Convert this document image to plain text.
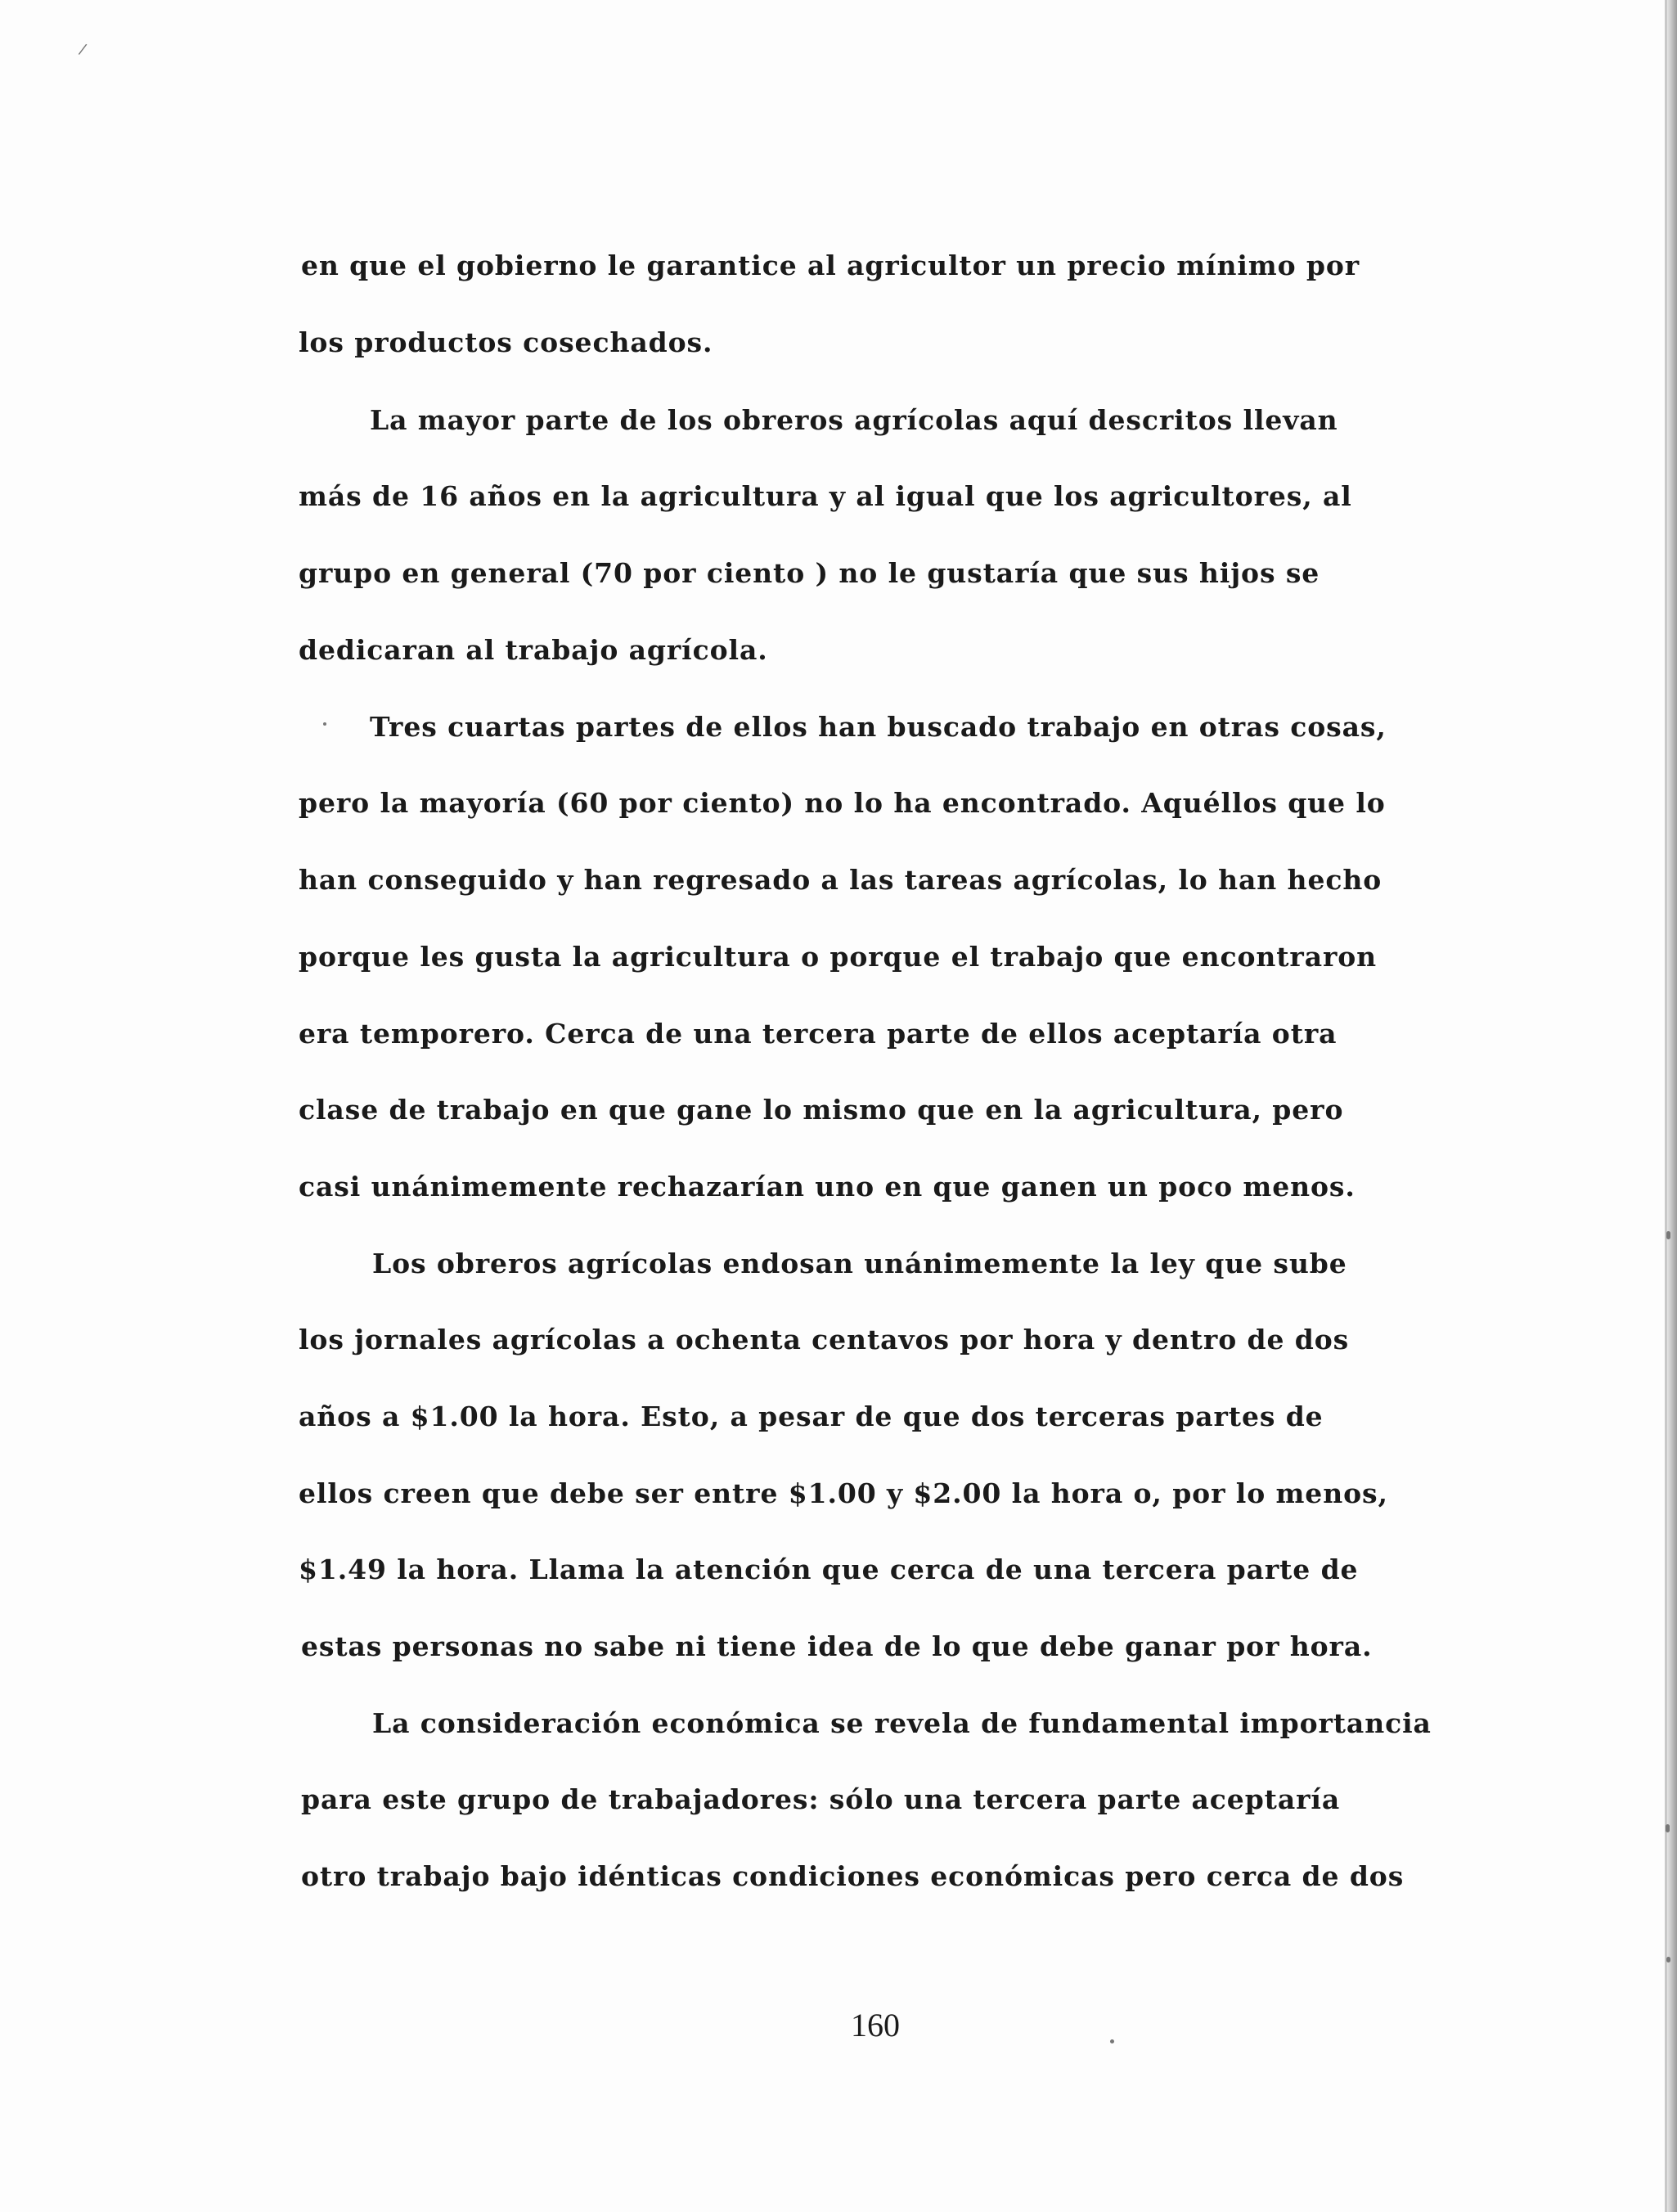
/

en que el gobierno le garantice al agricultor un precio mínimo por

los productos cosechados.

La mayor parte de los obreros agrícolas aquí descritos llevan

más de 16 años en la agricultura y al igual que los agricultores, al

grupo en general (70 por ciento ) no le gustaría que sus hijos se

dedicaran al trabajo agrícola.

Tres cuartas partes de ellos han buscado trabajo en otras cosas,

pero la mayoría (60 por ciento) no lo ha encontrado. Aquéllos que lo

han conseguido y han regresado a las tareas agrícolas, lo han hecho

porque les gusta la agricultura o porque el trabajo que encontraron

era temporero. Cerca de una tercera parte de ellos aceptaría otra

clase de trabajo en que gane lo mismo que en la agricultura, pero

casi unánimemente rechazarían uno en que ganen un poco menos.

Los obreros agrícolas endosan unánimemente la ley que sube

los jornales agrícolas a ochenta centavos por hora y dentro de dos

años a $1.00 la hora. Esto, a pesar de que dos terceras partes de

ellos creen que debe ser entre $1.00 y $2.00 la hora o, por lo menos,

$1.49 la hora. Llama la atención que cerca de una tercera parte de

estas personas no sabe ni tiene idea de lo que debe ganar por hora.

La consideración económica se revela de fundamental importancia

para este grupo de trabajadores: sólo una tercera parte aceptaría

otro trabajo bajo idénticas condiciones económicas pero cerca de dos

160
